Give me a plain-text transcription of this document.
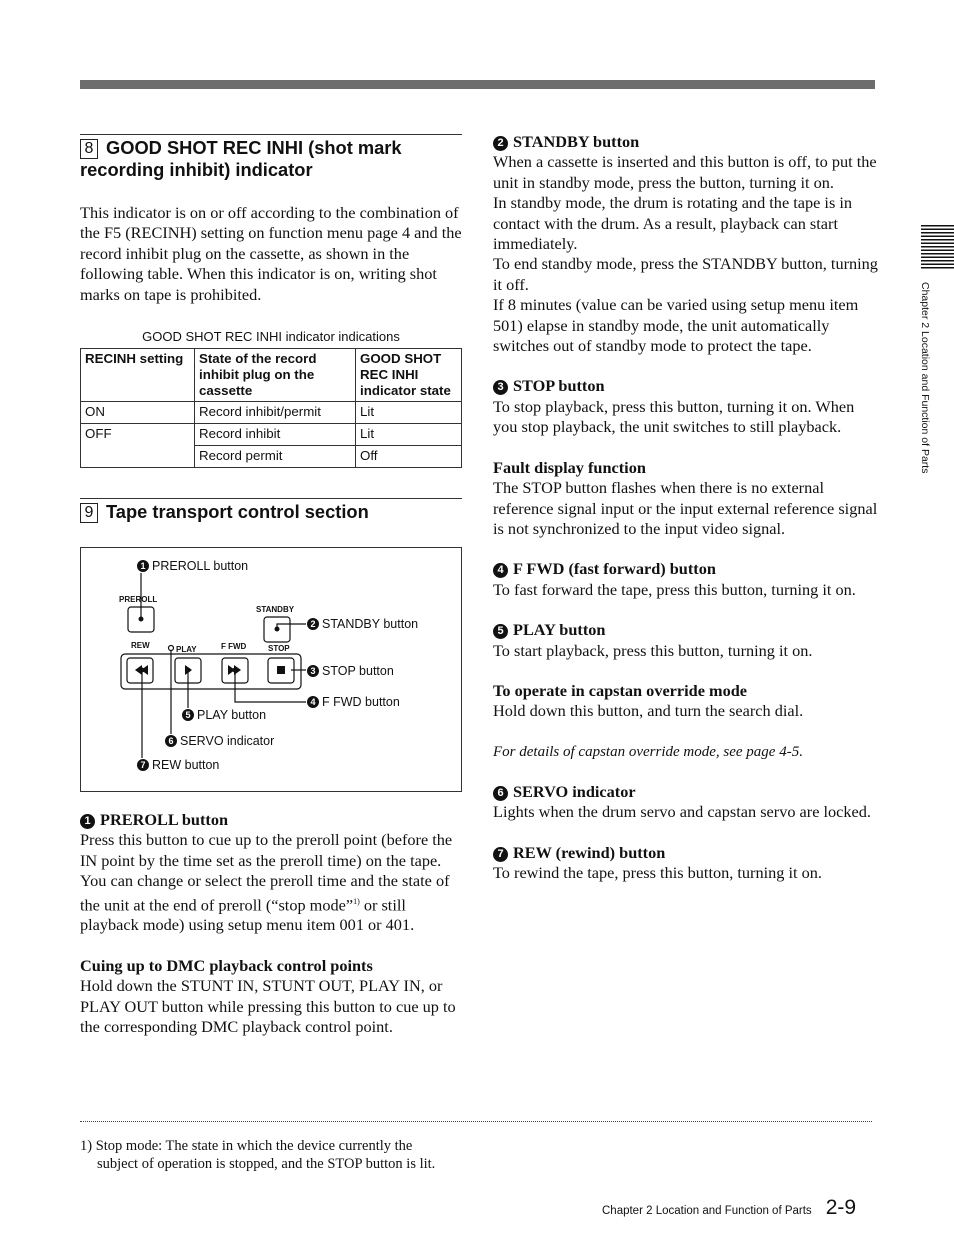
8 GOOD SHOT REC INHI (shot mark recording inhibit) indicator

This indicator is on or off according to the combination of the F5 (RECINH) setting on function menu page 4 and the record inhibit plug on the cassette, as shown in the following table. When this indicator is on, writing shot marks on tape is prohibited.

GOOD SHOT REC INHI indicator indications
RECINH setting	State of the record inhibit plug on the cassette	GOOD SHOT REC INHI indicator state
ON	Record inhibit/permit	Lit
OFF	Record inhibit	Lit
	Record permit	Off
9 Tape transport control section
PREROLL
STANDBY
REW	PLAY	F FWD	STOP
1 PREROLL button
2 STANDBY button
3 STOP button
4 F FWD button
5 PLAY button
6 SERVO indicator
7 REW button
1 PREROLL button

Press this button to cue up to the preroll point (before the IN point by the time set as the preroll time) on the tape. You can change or select the preroll time and the state of the unit at the end of preroll (“stop mode”$^{1)}$ or still playback mode) using setup menu item 001 or 401.

Cuing up to DMC playback control points

Hold down the STUNT IN, STUNT OUT, PLAY IN, or PLAY OUT button while pressing this button to cue up to the corresponding DMC playback control point.

2 STANDBY button

When a cassette is inserted and this button is off, to put the unit in standby mode, press the button, turning it on.

In standby mode, the drum is rotating and the tape is in contact with the drum. As a result, playback can start immediately.

To end standby mode, press the STANDBY button, turning it off.

If 8 minutes (value can be varied using setup menu item 501) elapse in standby mode, the unit automatically switches out of standby mode to protect the tape.

3 STOP button

To stop playback, press this button, turning it on. When you stop playback, the unit switches to still playback.

Fault display function

The STOP button flashes when there is no external reference signal input or the input external reference signal is not synchronized to the input video signal.

4 F FWD (fast forward) button

To fast forward the tape, press this button, turning it on.

5 PLAY button

To start playback, press this button, turning it on.

To operate in capstan override mode

Hold down this button, and turn the search dial.

For details of capstan override mode, see page 4-5.

6 SERVO indicator

Lights when the drum servo and capstan servo are locked.

7 REW (rewind) button

To rewind the tape, press this button, turning it on.

Chapter 2 Location and Function of Parts
1) Stop mode: The state in which the device currently the
subject of operation is stopped, and the STOP button is lit.
Chapter 2 Location and Function of Parts 2-9
